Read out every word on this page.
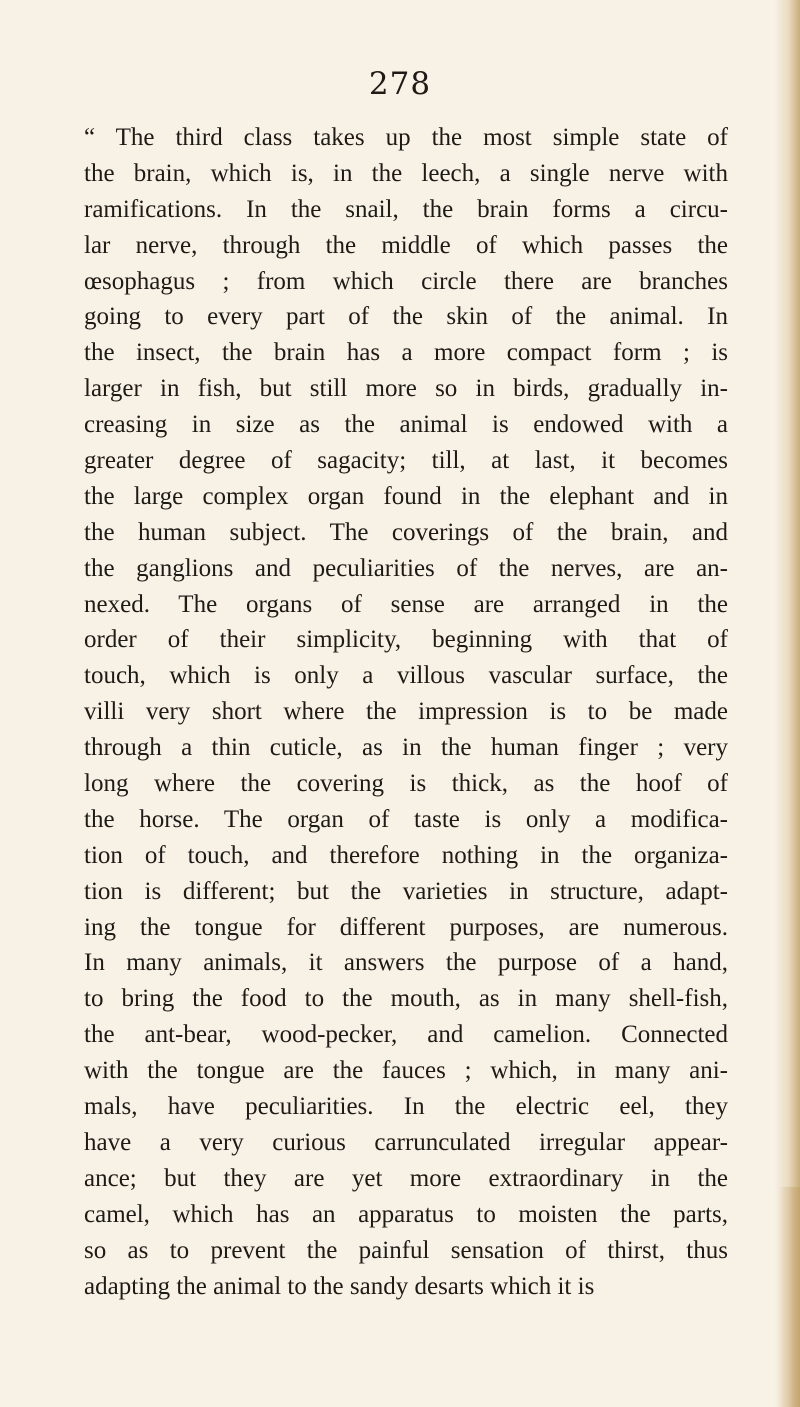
278
“ The third class takes up the most simple state of
the brain, which is, in the leech, a single nerve with
ramifications. In the snail, the brain forms a circu-
lar nerve, through the middle of which passes the
œsophagus ; from which circle there are branches
going to every part of the skin of the animal. In
the insect, the brain has a more compact form ; is
larger in fish, but still more so in birds, gradually in-
creasing in size as the animal is endowed with a
greater degree of sagacity; till, at last, it becomes
the large complex organ found in the elephant and in
the human subject. The coverings of the brain, and
the ganglions and peculiarities of the nerves, are an-
nexed. The organs of sense are arranged in the
order of their simplicity, beginning with that of
touch, which is only a villous vascular surface, the
villi very short where the impression is to be made
through a thin cuticle, as in the human finger ; very
long where the covering is thick, as the hoof of
the horse. The organ of taste is only a modifica-
tion of touch, and therefore nothing in the organiza-
tion is different; but the varieties in structure, adapt-
ing the tongue for different purposes, are numerous.
In many animals, it answers the purpose of a hand,
to bring the food to the mouth, as in many shell-fish,
the ant-bear, wood-pecker, and camelion. Connected
with the tongue are the fauces ; which, in many ani-
mals, have peculiarities. In the electric eel, they
have a very curious carrunculated irregular appear-
ance; but they are yet more extraordinary in the
camel, which has an apparatus to moisten the parts,
so as to prevent the painful sensation of thirst, thus
adapting the animal to the sandy desarts which it is
